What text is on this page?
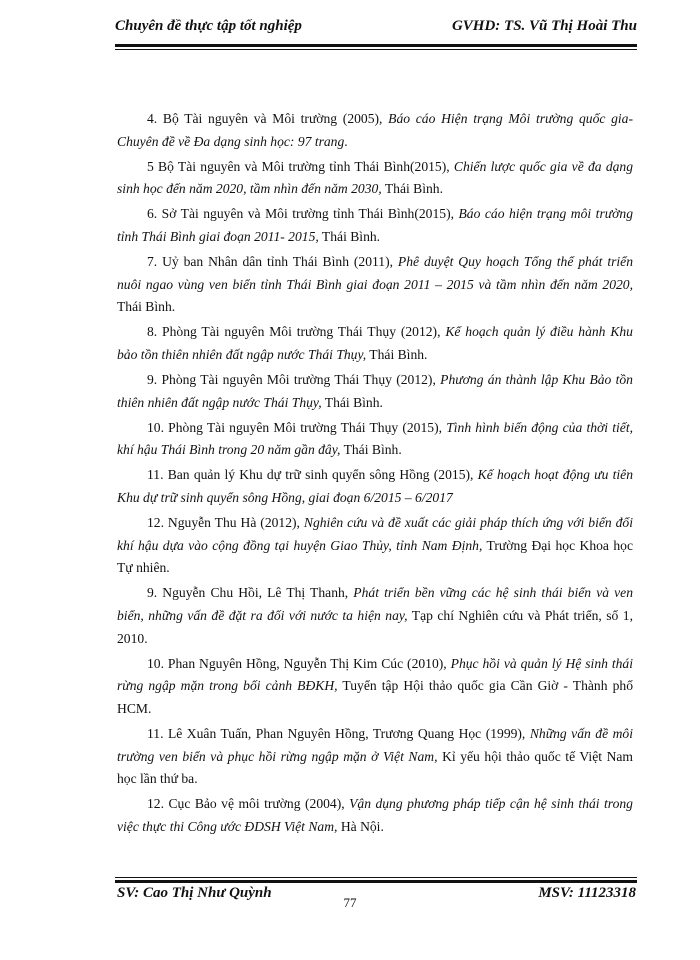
Chuyên đề thực tập tốt nghiệp	GVHD: TS. Vũ Thị Hoài Thu

4. Bộ Tài nguyên và Môi trường (2005), Báo cáo Hiện trạng Môi trường quốc gia- Chuyên đề về Đa dạng sinh học: 97 trang.

5 Bộ Tài nguyên và Môi trường tỉnh Thái Bình(2015), Chiến lược quốc gia về đa dạng sinh học đến năm 2020, tầm nhìn đến năm 2030, Thái Bình.

6. Sở Tài nguyên và Môi trường tỉnh Thái Bình(2015), Báo cáo hiện trạng môi trường tỉnh Thái Bình giai đoạn 2011- 2015, Thái Bình.

7. Uỷ ban Nhân dân tỉnh Thái Bình (2011), Phê duyệt Quy hoạch Tổng thể phát triển nuôi ngao vùng ven biển tỉnh Thái Bình giai đoạn 2011 – 2015 và tầm nhìn đến năm 2020, Thái Bình.

8. Phòng Tài nguyên Môi trường Thái Thụy (2012), Kế hoạch quản lý điều hành Khu bảo tồn thiên nhiên đất ngập nước Thái Thụy, Thái Bình.

9. Phòng Tài nguyên Môi trường Thái Thụy (2012), Phương án thành lập Khu Bảo tồn thiên nhiên đất ngập nước Thái Thụy, Thái Bình.

10. Phòng Tài nguyên Môi trường Thái Thụy (2015), Tình hình biến động của thời tiết, khí hậu Thái Bình trong 20 năm gần đây, Thái Bình.

11. Ban quản lý Khu dự trữ sinh quyển sông Hồng (2015), Kế hoạch hoạt động ưu tiên Khu dự trữ sinh quyển sông Hồng, giai đoạn 6/2015 – 6/2017

12. Nguyễn Thu Hà (2012), Nghiên cứu và đề xuất các giải pháp thích ứng với biến đổi khí hậu dựa vào cộng đồng tại huyện Giao Thủy, tỉnh Nam Định, Trường Đại học Khoa học Tự nhiên.

9. Nguyễn Chu Hồi, Lê Thị Thanh, Phát triển bền vững các hệ sinh thái biển và ven biển, những vấn đề đặt ra đối với nước ta hiện nay, Tạp chí Nghiên cứu và Phát triển, số 1, 2010.

10. Phan Nguyên Hồng, Nguyễn Thị Kim Cúc (2010), Phục hồi và quản lý Hệ sinh thái rừng ngập mặn trong bối cảnh BĐKH, Tuyển tập Hội thảo quốc gia Cần Giờ - Thành phố HCM.

11. Lê Xuân Tuấn, Phan Nguyên Hồng, Trương Quang Học (1999), Những vấn đề môi trường ven biển và phục hồi rừng ngập mặn ở Việt Nam, Kỉ yếu hội thảo quốc tế Việt Nam học lần thứ ba.

12. Cục Bảo vệ môi trường (2004), Vận dụng phương pháp tiếp cận hệ sinh thái trong việc thực thi Công ước ĐDSH Việt Nam, Hà Nội.

SV: Cao Thị Như Quỳnh
77
MSV: 11123318
